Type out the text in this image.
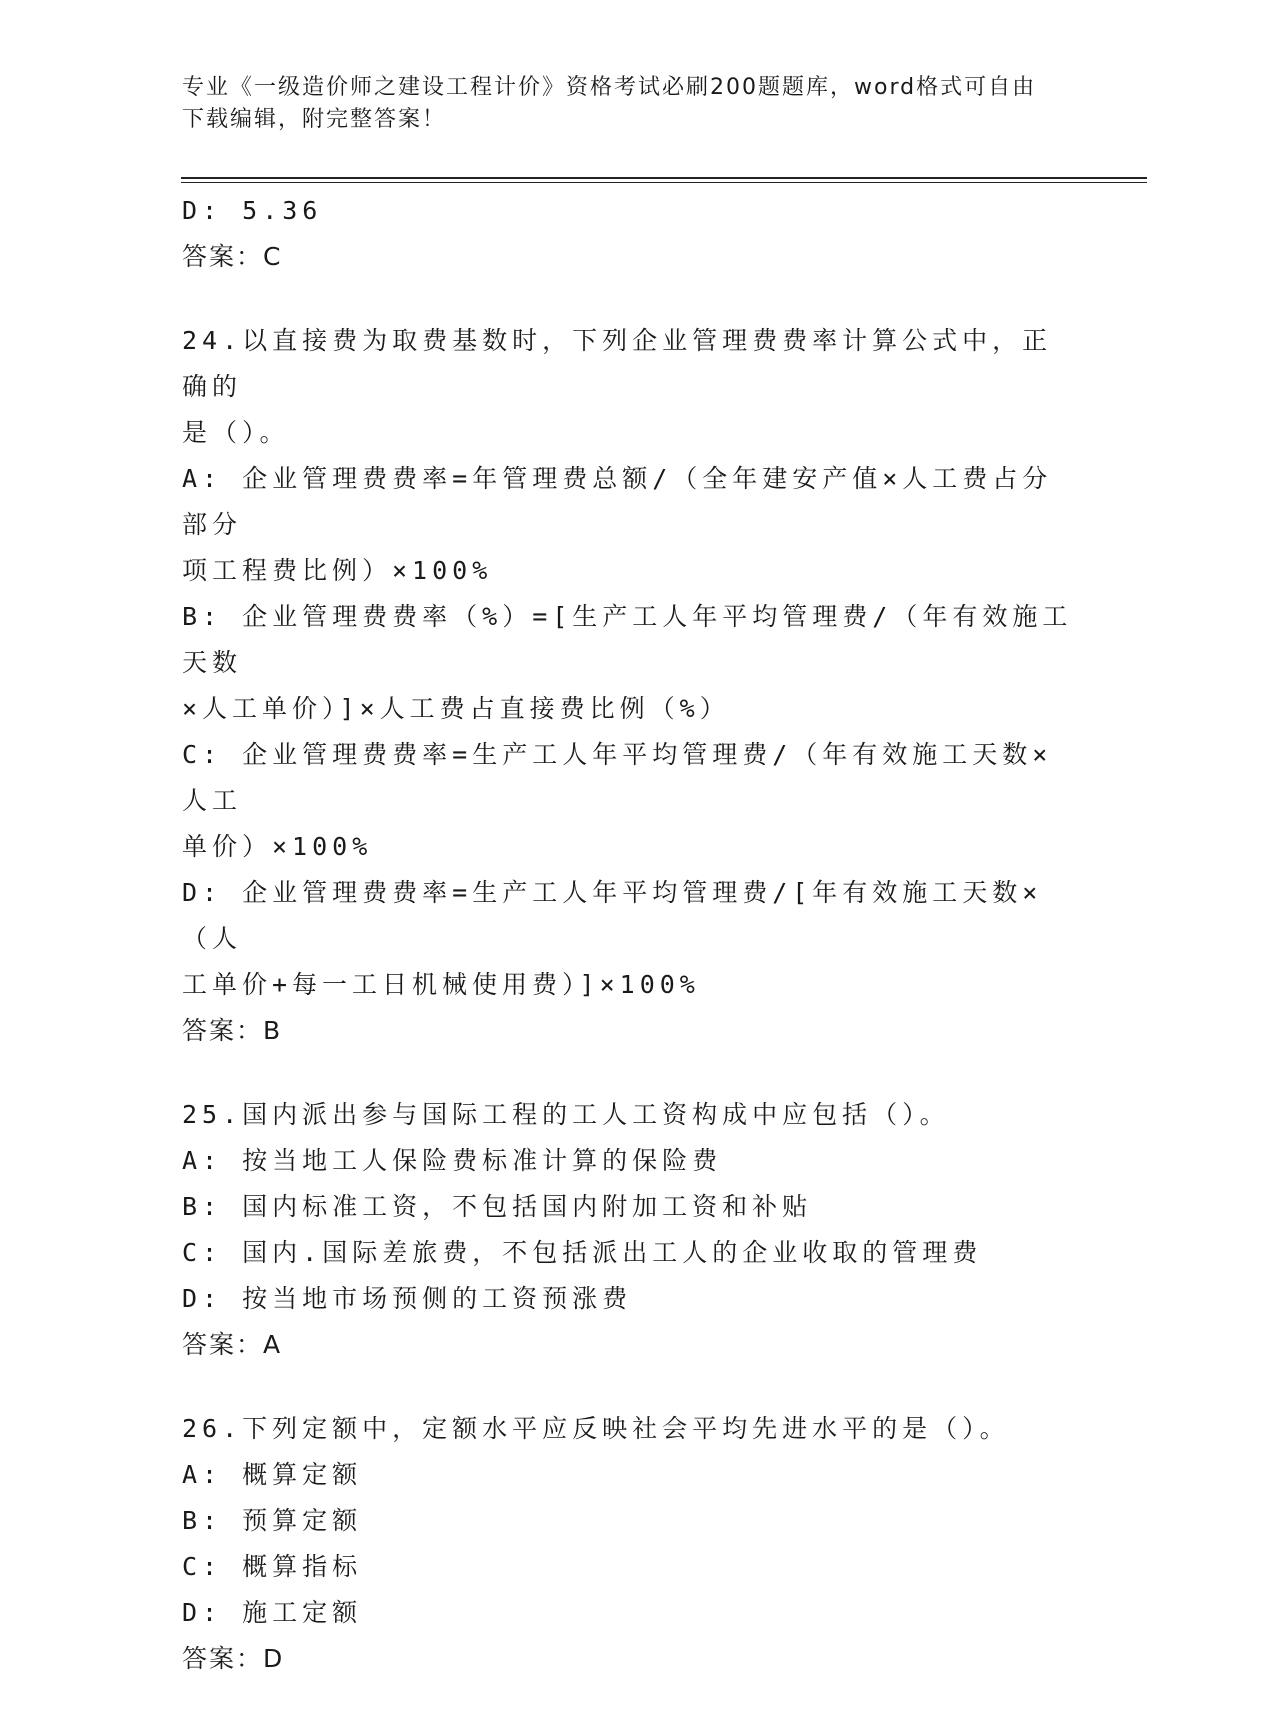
专业《一级造价师之建设工程计价》资格考试必刷200题题库，word格式可自由
下载编辑，附完整答案！
D: 5.36
答案：C
24.以直接费为取费基数时，下列企业管理费费率计算公式中，正确的
是（）。
A: 企业管理费费率=年管理费总额/（全年建安产值×人工费占分部分
项工程费比例）×100%
B: 企业管理费费率（%）=[生产工人年平均管理费/（年有效施工天数
×人工单价）]×人工费占直接费比例（%）
C: 企业管理费费率=生产工人年平均管理费/（年有效施工天数×人工
单价）×100%
D: 企业管理费费率=生产工人年平均管理费/[年有效施工天数×（人
工单价+每一工日机械使用费）]×100%
答案：B
25.国内派出参与国际工程的工人工资构成中应包括（）。
A: 按当地工人保险费标准计算的保险费
B: 国内标准工资，不包括国内附加工资和补贴
C: 国内.国际差旅费，不包括派出工人的企业收取的管理费
D: 按当地市场预侧的工资预涨费
答案：A
26.下列定额中，定额水平应反映社会平均先进水平的是（）。
A: 概算定额
B: 预算定额
C: 概算指标
D: 施工定额
答案：D
